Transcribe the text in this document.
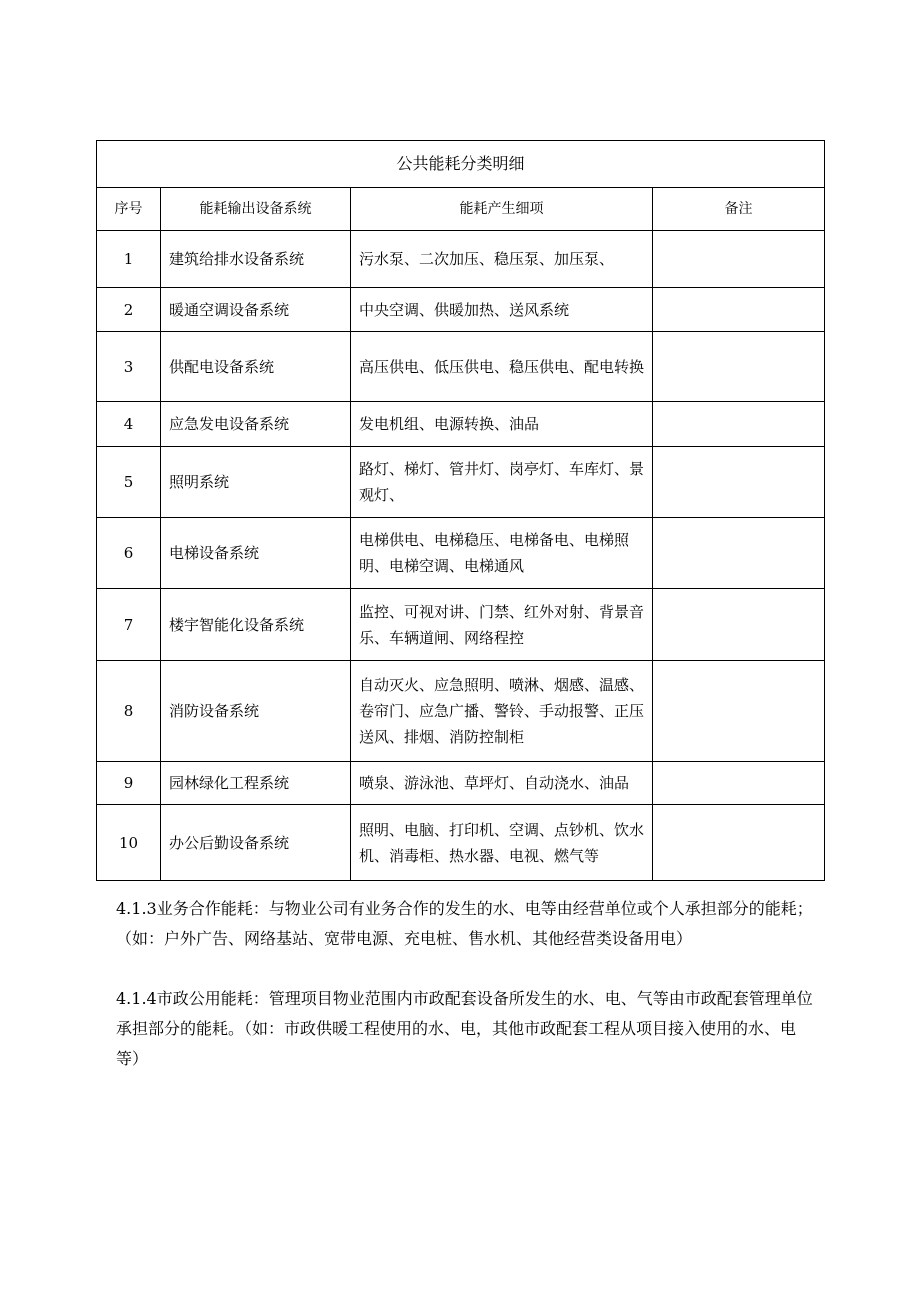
公共能耗分类明细			
序号	能耗输出设备系统	能耗产生细项	备注
1	建筑给排水设备系统	污水泵、二次加压、稳压泵、加压泵、	
2	暖通空调设备系统	中央空调、供暖加热、送风系统	
3	供配电设备系统	高压供电、低压供电、稳压供电、配电转换	
4	应急发电设备系统	发电机组、电源转换、油品	
5	照明系统	路灯、梯灯、管井灯、岗亭灯、车库灯、景观灯、	
6	电梯设备系统	电梯供电、电梯稳压、电梯备电、电梯照明、电梯空调、电梯通风	
7	楼宇智能化设备系统	监控、可视对讲、门禁、红外对射、背景音乐、车辆道闸、网络程控	
8	消防设备系统	自动灭火、应急照明、喷淋、烟感、温感、卷帘门、应急广播、警铃、手动报警、正压送风、排烟、消防控制柜	
9	园林绿化工程系统	喷泉、游泳池、草坪灯、自动浇水、油品	
10	办公后勤设备系统	照明、电脑、打印机、空调、点钞机、饮水机、消毒柜、热水器、电视、燃气等	

4.1.3业务合作能耗：与物业公司有业务合作的发生的水、电等由经营单位或个人承担部分的能耗；（如：户外广告、网络基站、宽带电源、充电桩、售水机、其他经营类设备用电）

4.1.4市政公用能耗：管理项目物业范围内市政配套设备所发生的水、电、气等由市政配套管理单位承担部分的能耗。（如：市政供暖工程使用的水、电，其他市政配套工程从项目接入使用的水、电等）
